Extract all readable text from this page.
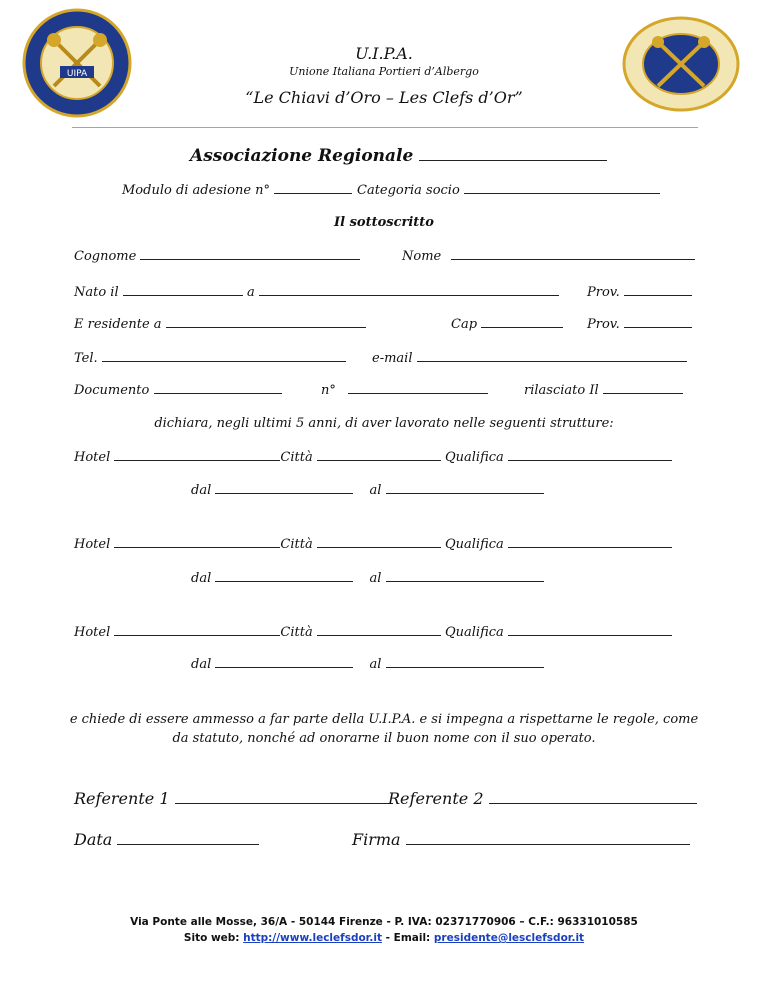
UIPA
U.I.P.A.
Unione Italiana Portieri d’Albergo
“Le Chiavi d’Oro – Les Clefs d’Or”
Associazione Regionale
Modulo di adesione n°	Categoria socio
Il sottoscritto
Cognome	Nome
Nato il	a	Prov.
E residente a	Cap	Prov.
Tel.	e-mail
Documento	n°	rilasciato Il
dichiara, negli ultimi 5 anni, di aver lavorato nelle seguenti strutture:
Hotel	Città	Qualifica
dal	al
Hotel	Città	Qualifica
dal	al
Hotel	Città	Qualifica
dal	al
e chiede di essere ammesso a far parte della U.I.P.A. e si impegna a rispettarne le regole, come
da statuto, nonché ad onorarne il buon nome con il suo operato.
Referente 1	Referente 2
Data	Firma
Via Ponte alle Mosse, 36/A - 50144 Firenze - P. IVA: 02371770906 – C.F.: 96331010585
Sito web: http://www.leclefsdor.it - Email: presidente@lesclefsdor.it
